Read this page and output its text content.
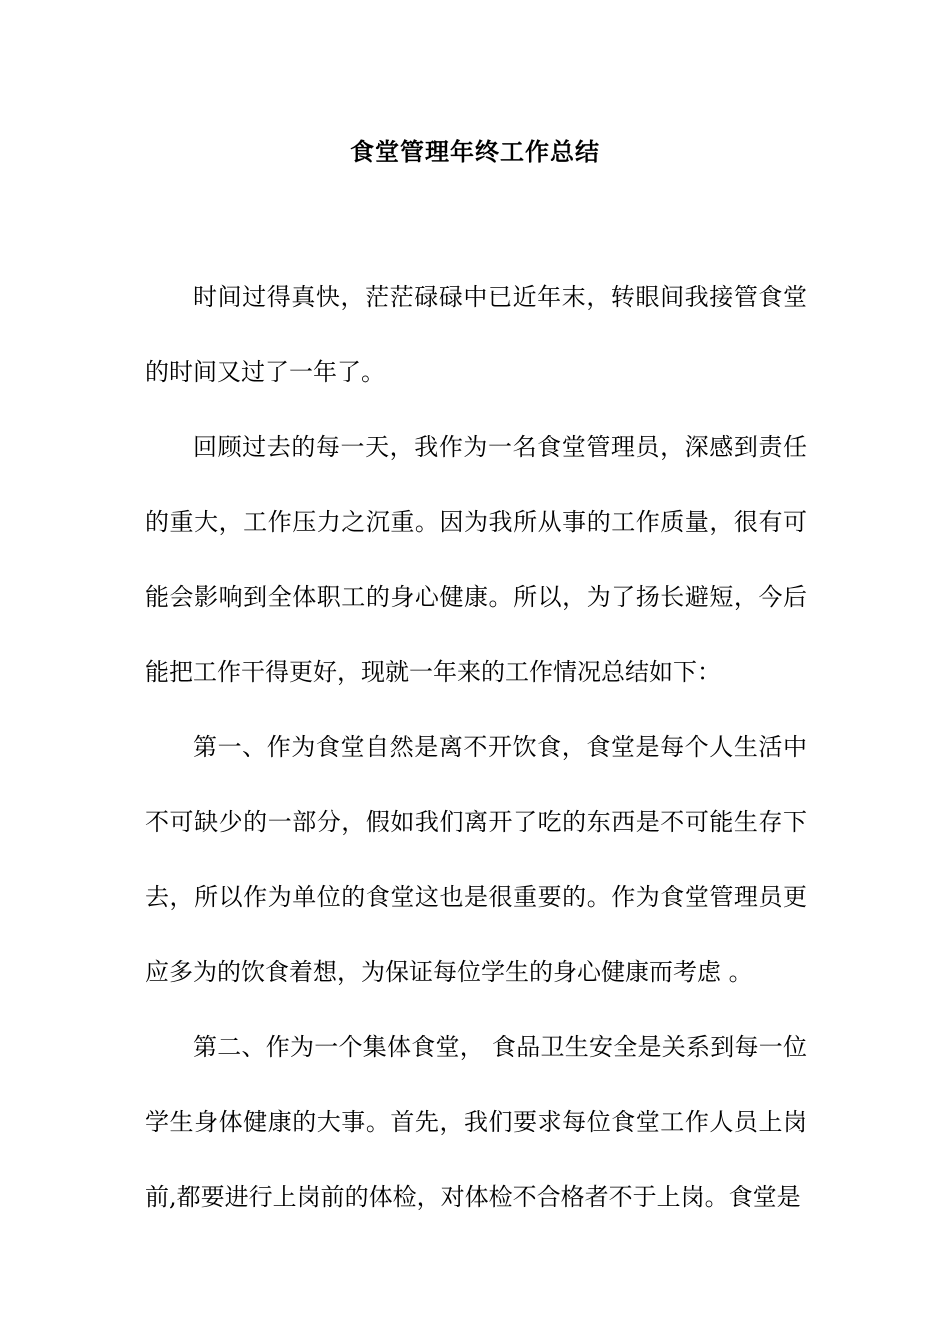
食堂管理年终工作总结

时间过得真快，茫茫碌碌中已近年末，转眼间我接管食堂的时间又过了一年了。

回顾过去的每一天，我作为一名食堂管理员，深感到责任的重大，工作压力之沉重。因为我所从事的工作质量，很有可能会影响到全体职工的身心健康。所以，为了扬长避短，今后能把工作干得更好，现就一年来的工作情况总结如下：

第一、作为食堂自然是离不开饮食，食堂是每个人生活中不可缺少的一部分，假如我们离开了吃的东西是不可能生存下去，所以作为单位的食堂这也是很重要的。作为食堂管理员更应多为的饮食着想，为保证每位学生的身心健康而考虑 。

第二、作为一个集体食堂， 食品卫生安全是关系到每一位学生身体健康的大事。首先，我们要求每位食堂工作人员上岗前,都要进行上岗前的体检，对体检不合格者不于上岗。食堂是
